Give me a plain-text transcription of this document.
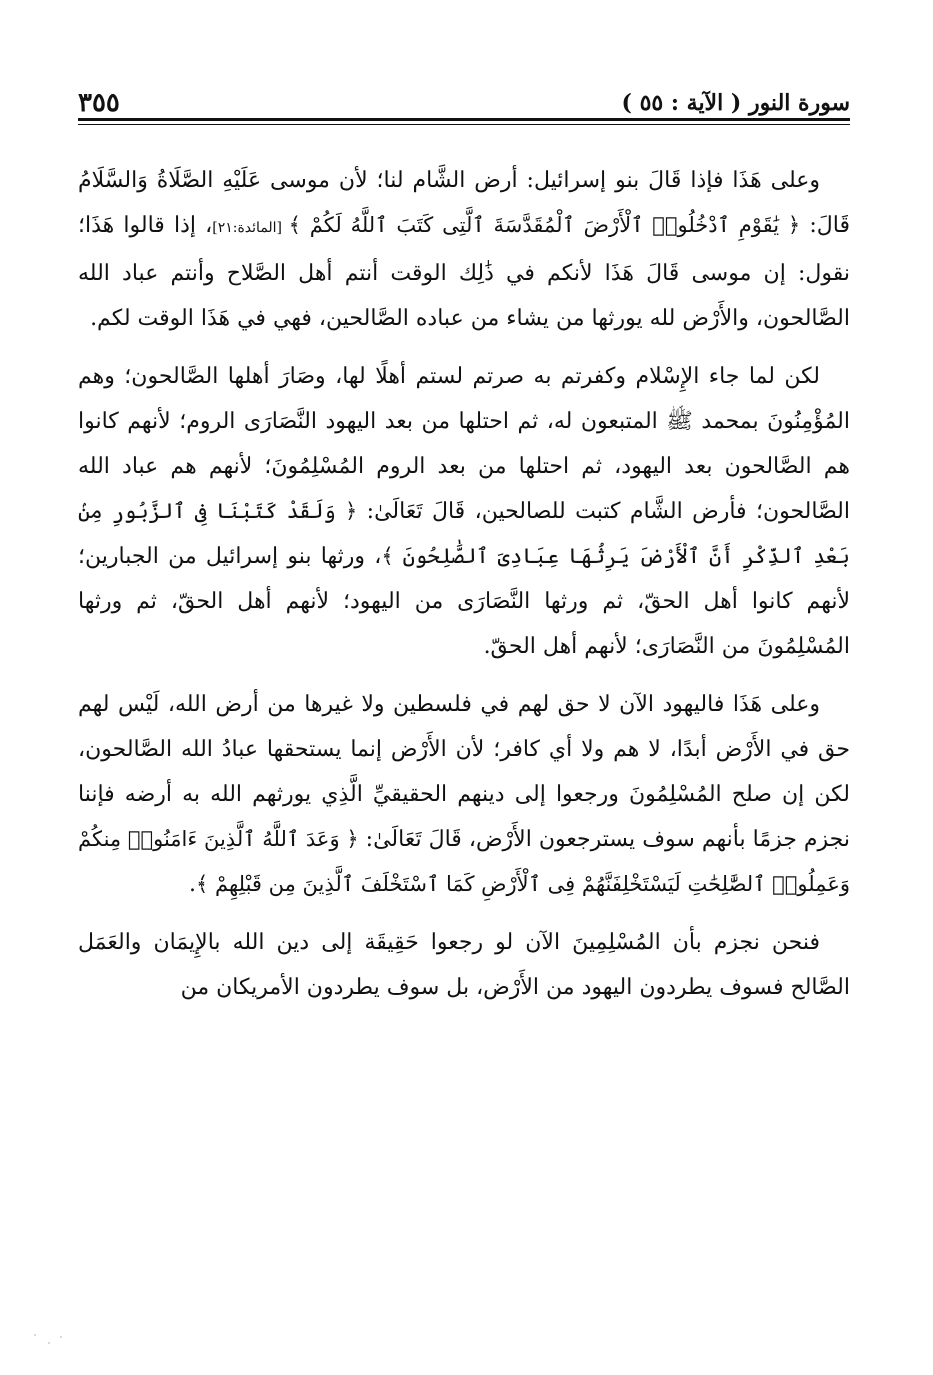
سورة النور ( الآية : ٥٥ )
٣٥٥

وعلى هَذَا فإذا قَالَ بنو إسرائيل: أرض الشَّام لنا؛ لأن موسى عَلَيْهِ الصَّلَاةُ وَالسَّلَامُ قَالَ: ﴿ يَٰقَوْمِ ٱدْخُلُوا۟ ٱلْأَرْضَ ٱلْمُقَدَّسَةَ ٱلَّتِى كَتَبَ ٱللَّهُ لَكُمْ ﴾ [المائدة:٢١]، إذا قالوا هَذَا؛ نقول: إن موسى قَالَ هَذَا لأنكم في ذَٰلِك الوقت أنتم أهل الصَّلاح وأنتم عباد الله الصَّالحون، والأَرْض لله يورثها من يشاء من عباده الصَّالحين، فهي في هَذَا الوقت لكم.

لكن لما جاء الإِسْلام وكفرتم به صرتم لستم أهلًا لها، وصَارَ أهلها الصَّالحون؛ وهم المُؤْمِنُونَ بمحمد ﷺ المتبعون له، ثم احتلها من بعد اليهود النَّصَارَى الروم؛ لأنهم كانوا هم الصَّالحون بعد اليهود، ثم احتلها من بعد الروم المُسْلِمُونَ؛ لأنهم هم عباد الله الصَّالحون؛ فأرض الشَّام كتبت للصالحين، قَالَ تَعَالَىٰ: ﴿ وَلَقَدْ كَتَبْنَا فِى ٱلزَّبُورِ مِنۢ بَعْدِ ٱلذِّكْرِ أَنَّ ٱلْأَرْضَ يَرِثُهَا عِبَادِىَ ٱلصَّٰلِحُونَ ﴾، ورثها بنو إسرائيل من الجبارين؛ لأنهم كانوا أهل الحقّ، ثم ورثها النَّصَارَى من اليهود؛ لأنهم أهل الحقّ، ثم ورثها المُسْلِمُونَ من النَّصَارَى؛ لأنهم أهل الحقّ.

وعلى هَذَا فاليهود الآن لا حق لهم في فلسطين ولا غيرها من أرض الله، لَيْس لهم حق في الأَرْض أبدًا، لا هم ولا أي كافر؛ لأن الأَرْض إنما يستحقها عبادُ الله الصَّالحون، لكن إن صلح المُسْلِمُونَ ورجعوا إلى دينهم الحقيقيِّ الَّذِي يورثهم الله به أرضه فإننا نجزم جزمًا بأنهم سوف يسترجعون الأَرْض، قَالَ تَعَالَىٰ: ﴿ وَعَدَ ٱللَّهُ ٱلَّذِينَ ءَامَنُوا۟ مِنكُمْ وَعَمِلُوا۟ ٱلصَّٰلِحَٰتِ لَيَسْتَخْلِفَنَّهُمْ فِى ٱلْأَرْضِ كَمَا ٱسْتَخْلَفَ ٱلَّذِينَ مِن قَبْلِهِمْ ﴾.

فنحن نجزم بأن المُسْلِمِينَ الآن لو رجعوا حَقِيقَة إلى دين الله بالإِيمَان والعَمَل الصَّالح فسوف يطردون اليهود من الأَرْض، بل سوف يطردون الأمريكان من
